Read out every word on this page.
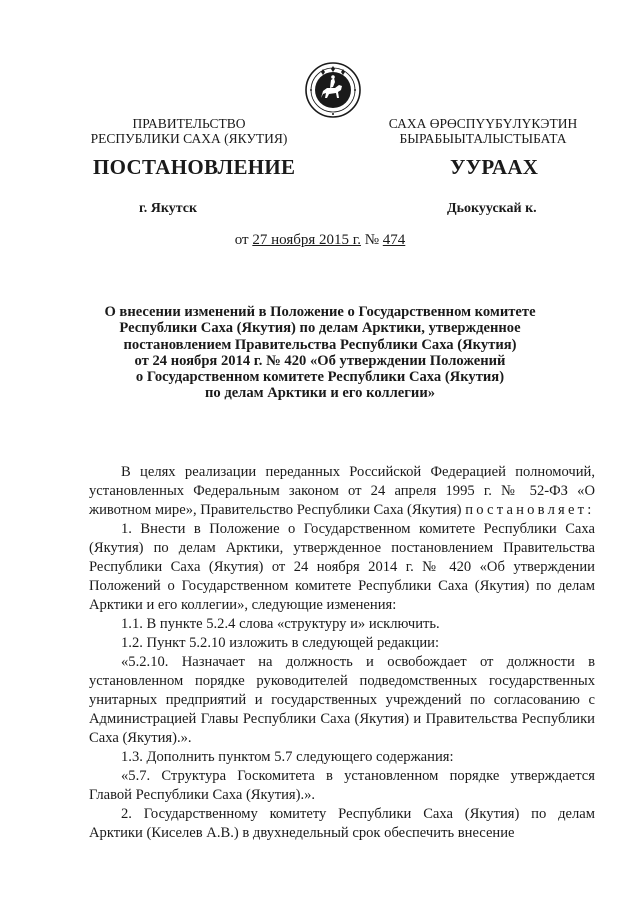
ПРАВИТЕЛЬСТВО
РЕСПУБЛИКИ САХА (ЯКУТИЯ)
САХА ӨРӨСПҮҮБҮЛҮКЭТИН
БЫРАБЫЫТАЛЫСТЫБАТА
ПОСТАНОВЛЕНИЕ	УУРААХ
г. Якутск	Дьокуускай к.
от 27 ноября 2015 г. № 474
О внесении изменений в Положение о Государственном комитете
Республики Саха (Якутия) по делам Арктики, утвержденное
постановлением Правительства Республики Саха (Якутия)
от 24 ноября 2014 г. № 420 «Об утверждении Положений
о Государственном комитете Республики Саха (Якутия)
по делам Арктики и его коллегии»

В целях реализации переданных Российской Федерацией полномочий, установленных Федеральным законом от 24 апреля 1995 г. № 52-ФЗ «О животном мире», Правительство Республики Саха (Якутия) постановляет:

1. Внести в Положение о Государственном комитете Республики Саха (Якутия) по делам Арктики, утвержденное постановлением Правительства Республики Саха (Якутия) от 24 ноября 2014 г. № 420 «Об утверждении Положений о Государственном комитете Республики Саха (Якутия) по делам Арктики и его коллегии», следующие изменения:

1.1. В пункте 5.2.4 слова «структуру и» исключить.

1.2. Пункт 5.2.10 изложить в следующей редакции:

«5.2.10. Назначает на должность и освобождает от должности в установленном порядке руководителей подведомственных государственных унитарных предприятий и государственных учреждений по согласованию с Администрацией Главы Республики Саха (Якутия) и Правительства Республики Саха (Якутия).».

1.3. Дополнить пунктом 5.7 следующего содержания:

«5.7. Структура Госкомитета в установленном порядке утверждается Главой Республики Саха (Якутия).».

2. Государственному комитету Республики Саха (Якутия) по делам Арктики (Киселев А.В.) в двухнедельный срок обеспечить внесение
